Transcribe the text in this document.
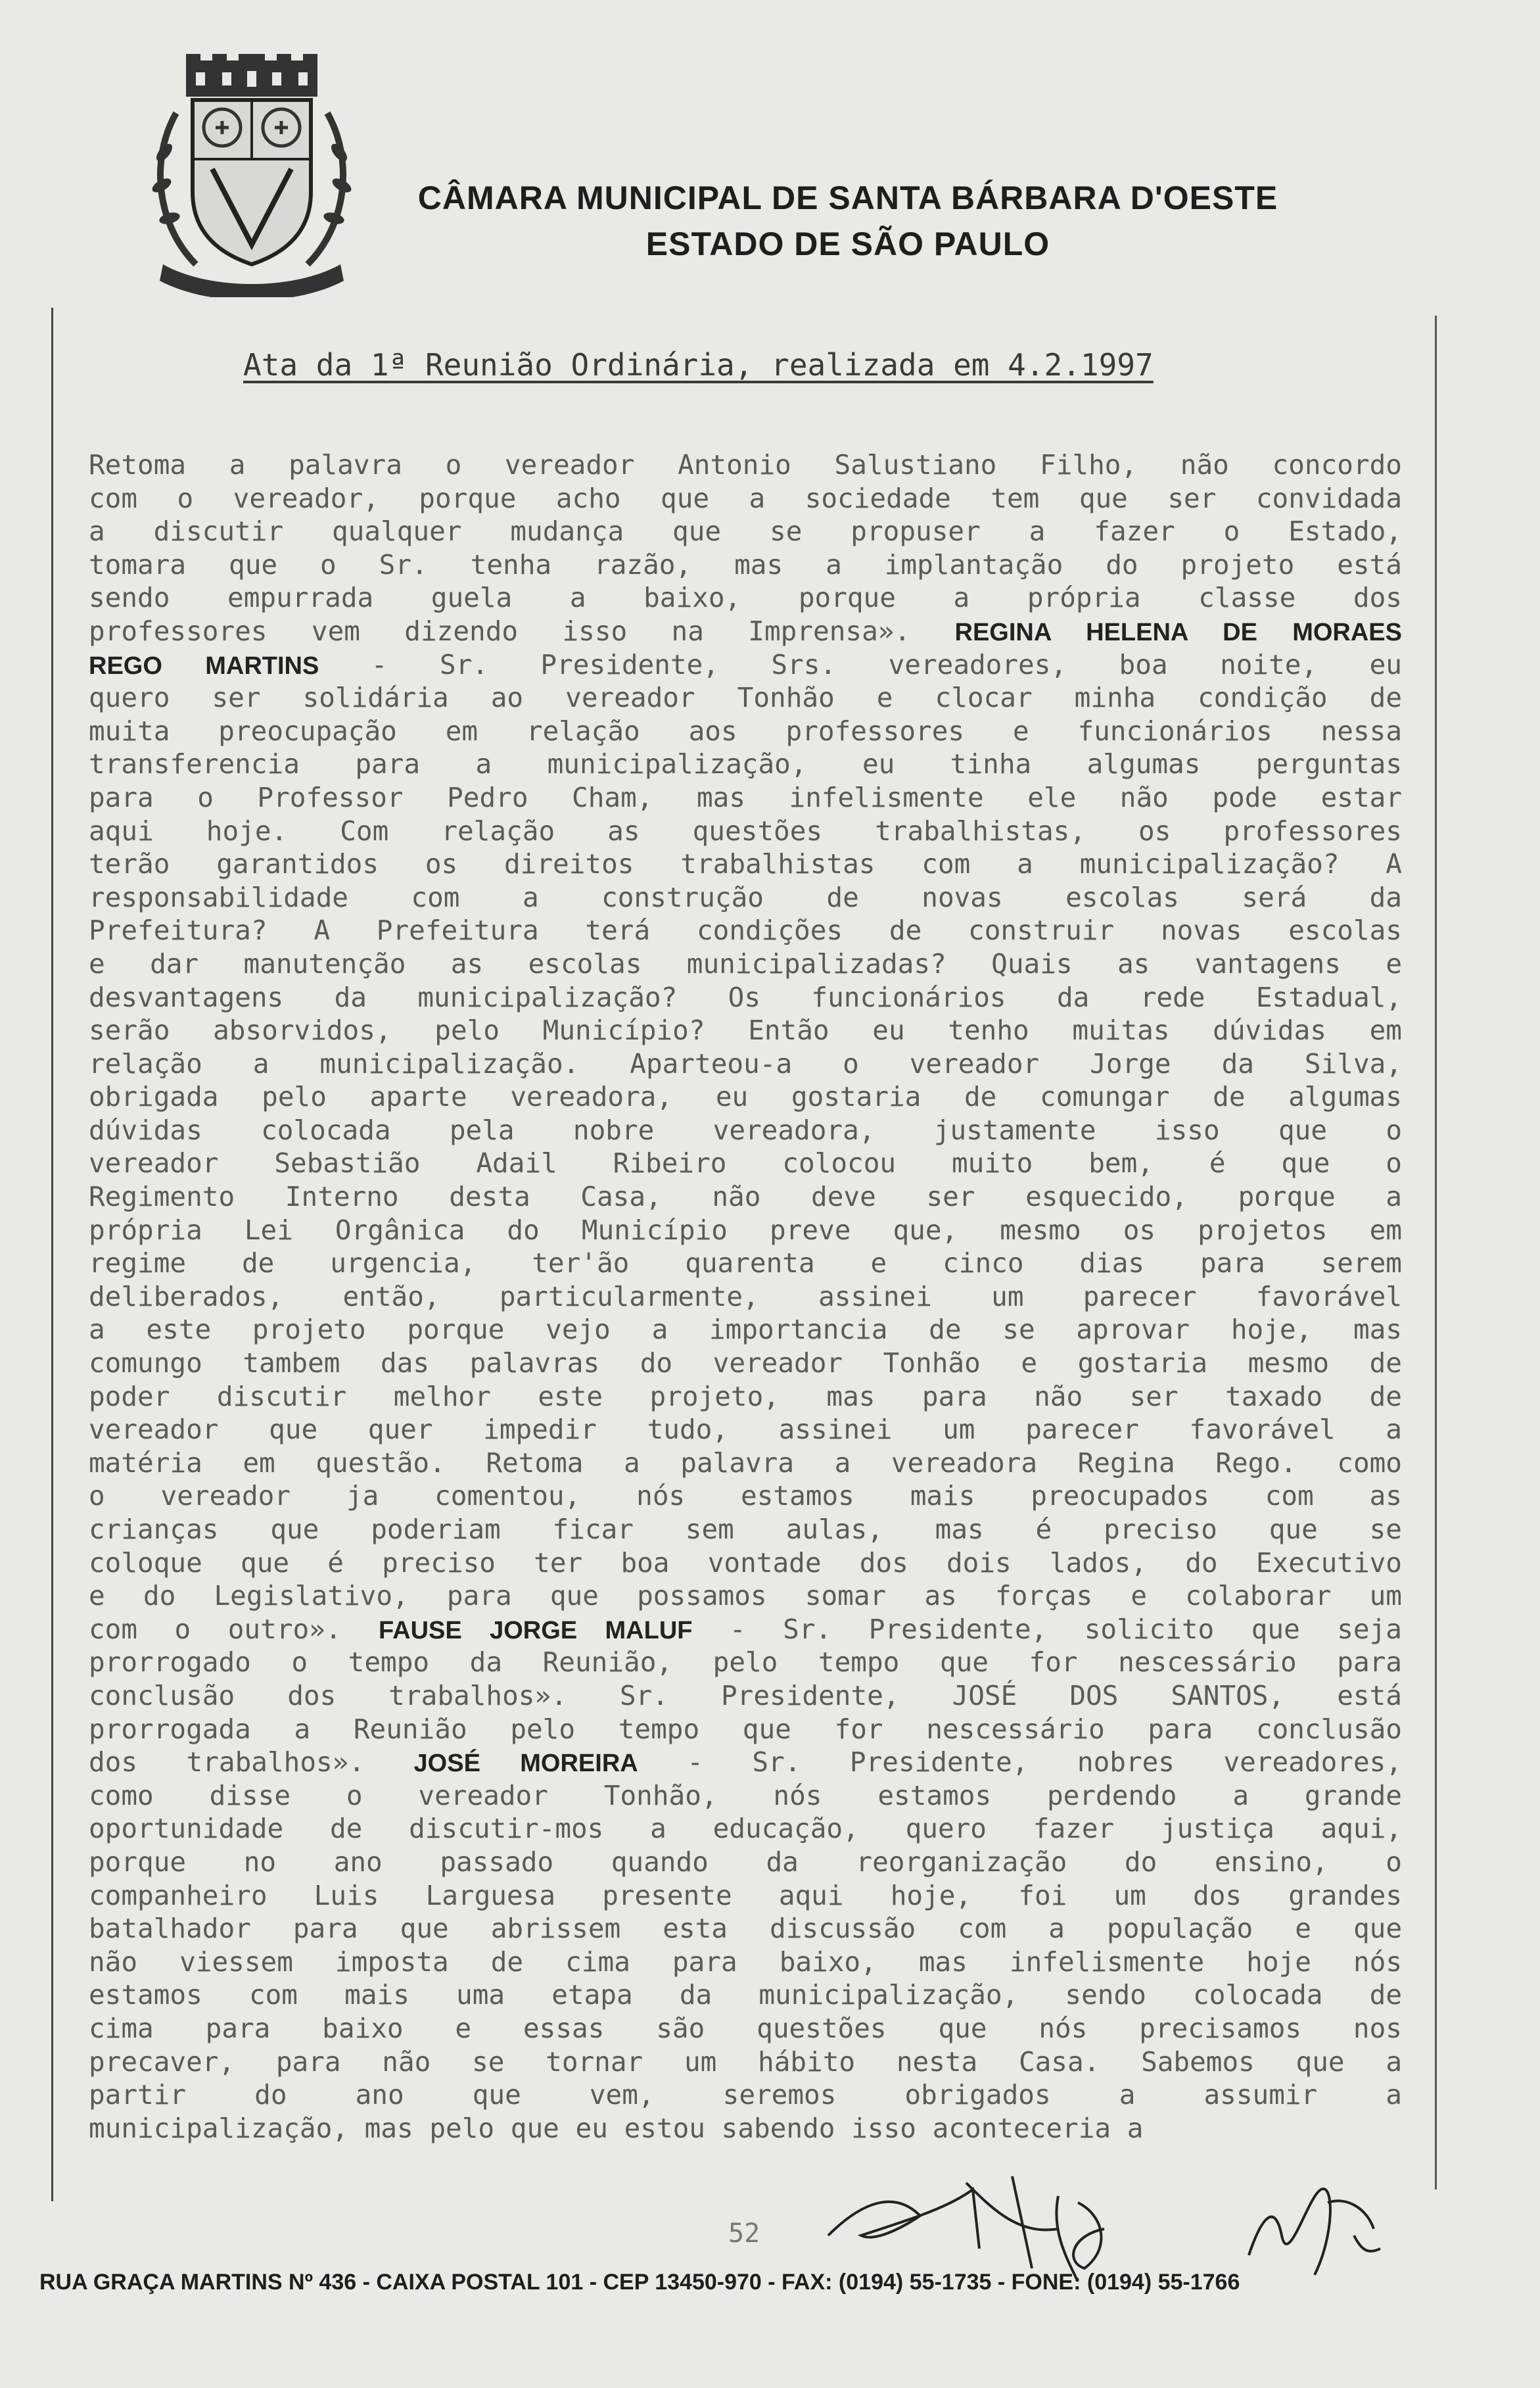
CÂMARA MUNICIPAL DE SANTA BÁRBARA D'OESTE
ESTADO DE SÃO PAULO
Ata da 1ª Reunião Ordinária, realizada em 4.2.1997
Retoma a palavra o vereador Antonio Salustiano Filho, não concordo
com o vereador, porque acho que a sociedade tem que ser convidada
a discutir qualquer mudança que se propuser a fazer o Estado,
tomara que o Sr. tenha razão, mas a implantação do projeto está
sendo empurrada guela a baixo, porque a própria classe dos
professores vem dizendo isso na Imprensa». REGINA HELENA DE MORAES
REGO MARTINS - Sr. Presidente, Srs. vereadores, boa noite, eu
quero ser solidária ao vereador Tonhão e clocar minha condição de
muita preocupação em relação aos professores e funcionários nessa
transferencia para a municipalização, eu tinha algumas perguntas
para o Professor Pedro Cham, mas infelismente ele não pode estar
aqui hoje. Com relação as questões trabalhistas, os professores
terão garantidos os direitos trabalhistas com a municipalização? A
responsabilidade com a construção de novas escolas será da
Prefeitura? A Prefeitura terá condições de construir novas escolas
e dar manutenção as escolas municipalizadas? Quais as vantagens e
desvantagens da municipalização? Os funcionários da rede Estadual,
serão absorvidos, pelo Município? Então eu tenho muitas dúvidas em
relação a municipalização. Aparteou-a o vereador Jorge da Silva,
obrigada pelo aparte vereadora, eu gostaria de comungar de algumas
dúvidas colocada pela nobre vereadora, justamente isso que o
vereador Sebastião Adail Ribeiro colocou muito bem, é que o
Regimento Interno desta Casa, não deve ser esquecido, porque a
própria Lei Orgânica do Município preve que, mesmo os projetos em
regime de urgencia, ter'ão quarenta e cinco dias para serem
deliberados, então, particularmente, assinei um parecer favorável
a este projeto porque vejo a importancia de se aprovar hoje, mas
comungo tambem das palavras do vereador Tonhão e gostaria mesmo de
poder discutir melhor este projeto, mas para não ser taxado de
vereador que quer impedir tudo, assinei um parecer favorável a
matéria em questão. Retoma a palavra a vereadora Regina Rego. como
o vereador ja comentou, nós estamos mais preocupados com as
crianças que poderiam ficar sem aulas, mas é preciso que se
coloque que é preciso ter boa vontade dos dois lados, do Executivo
e do Legislativo, para que possamos somar as forças e colaborar um
com o outro». FAUSE JORGE MALUF - Sr. Presidente, solicito que seja
prorrogado o tempo da Reunião, pelo tempo que for nescessário para
conclusão dos trabalhos». Sr. Presidente, JOSÉ DOS SANTOS, está
prorrogada a Reunião pelo tempo que for nescessário para conclusão
dos trabalhos». JOSÉ MOREIRA - Sr. Presidente, nobres vereadores,
como disse o vereador Tonhão, nós estamos perdendo a grande
oportunidade de discutir-mos a educação, quero fazer justiça aqui,
porque no ano passado quando da reorganização do ensino, o
companheiro Luis Larguesa presente aqui hoje, foi um dos grandes
batalhador para que abrissem esta discussão com a população e que
não viessem imposta de cima para baixo, mas infelismente hoje nós
estamos com mais uma etapa da municipalização, sendo colocada de
cima para baixo e essas são questões que nós precisamos nos
precaver, para não se tornar um hábito nesta Casa. Sabemos que a
partir do ano que vem, seremos obrigados a assumir a
municipalização, mas pelo que eu estou sabendo isso aconteceria a
52
RUA GRAÇA MARTINS Nº 436 - CAIXA POSTAL 101 - CEP 13450-970 - FAX: (0194) 55-1735 - FONE: (0194) 55-1766
